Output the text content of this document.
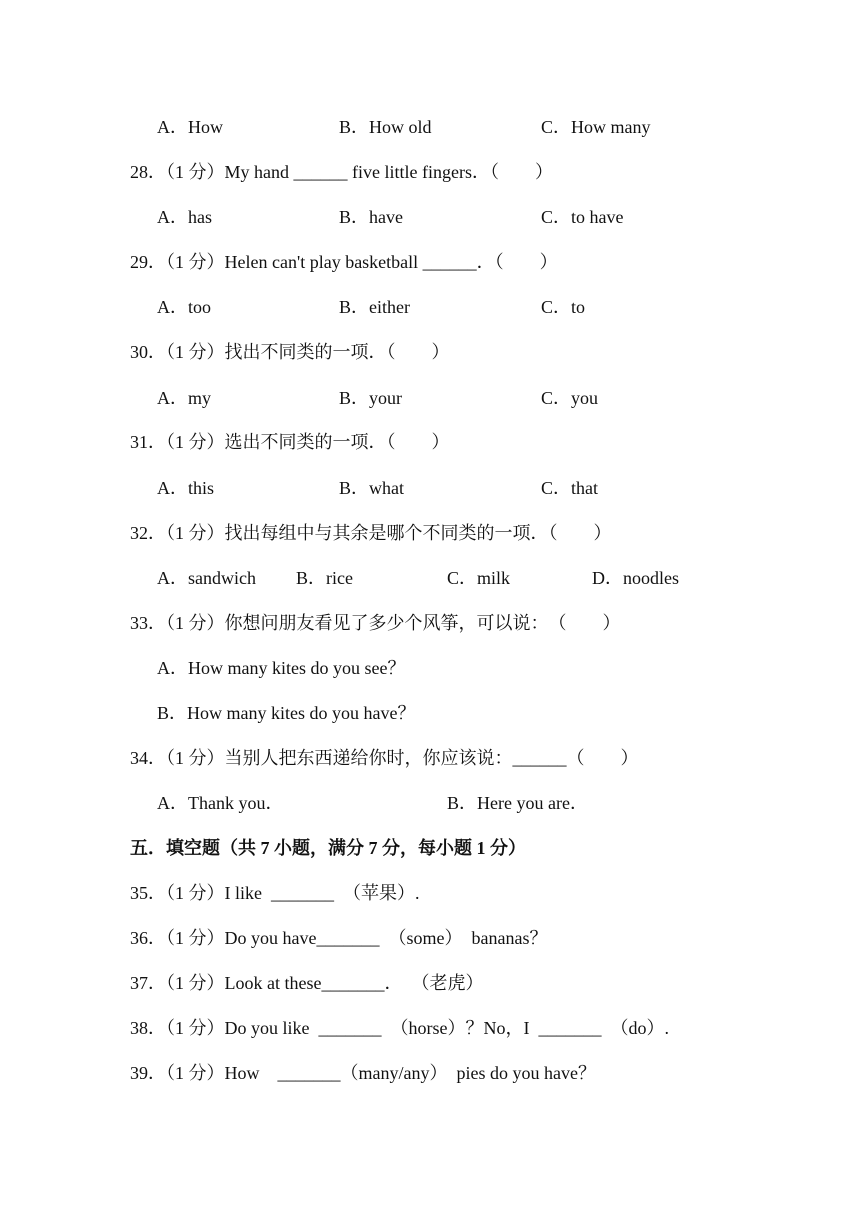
A．How	B．How old	C．How many
28．（1 分）My hand ______ five little fingers．（　　）
A．has	B．have	C．to have
29．（1 分）Helen can't play basketball ______．（　　）
A．too	B．either	C．to
30．（1 分）找出不同类的一项．（　　）
A．my	B．your	C．you
31．（1 分）选出不同类的一项．（　　）
A．this	B．what	C．that
32．（1 分）找出每组中与其余是哪个不同类的一项．（　　）
A．sandwich B．rice	C．milk	D．noodles
33．（1 分）你想问朋友看见了多少个风筝，可以说：　（　　）
A．How many kites do you see？
B．How many kites do you have？
34．（1 分）当别人把东西递给你时，你应该说：______（　　）
A．Thank you．	B．Here you are．
五．填空题（共 7 小题，满分 7 分，每小题 1 分）
35．（1 分）I like  _______  （苹果）.
36．（1 分）Do you have_______  （some）  bananas？
37．（1 分）Look at these_______．  （老虎）
38．（1 分）Do you like  _______  （horse）？No，I  _______  （do）.
39．（1 分）How    _______（many/any）  pies do you have？
